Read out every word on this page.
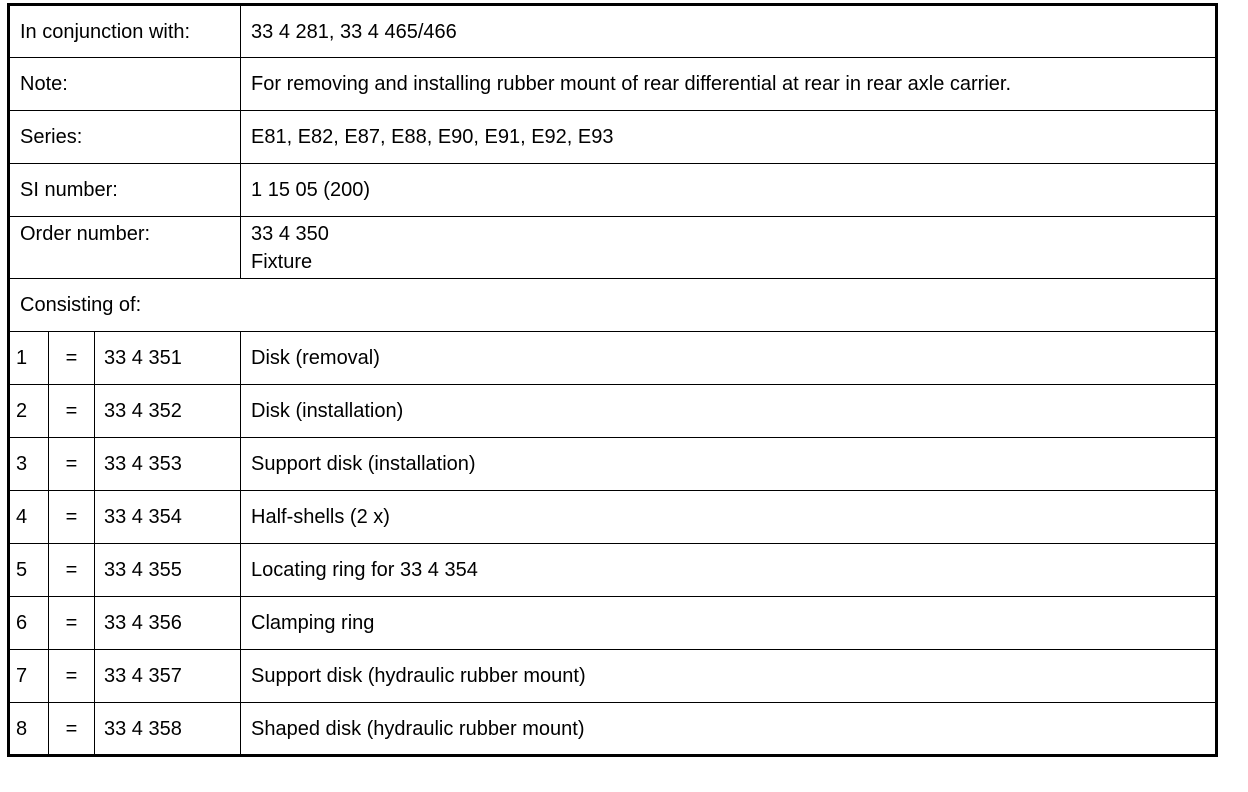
In conjunction with:			33 4 281, 33 4 465/466
Note:			For removing and installing rubber mount of rear differential at rear in rear axle carrier.
Series:			E81, E82, E87, E88, E90, E91, E92, E93
SI number:			1 15 05 (200)
Order number:			33 4 350
Fixture

Consisting of:			
1	=	33 4 351	Disk (removal)
2	=	33 4 352	Disk (installation)
3	=	33 4 353	Support disk (installation)
4	=	33 4 354	Half-shells (2 x)
5	=	33 4 355	Locating ring for 33 4 354
6	=	33 4 356	Clamping ring
7	=	33 4 357	Support disk (hydraulic rubber mount)
8	=	33 4 358	Shaped disk (hydraulic rubber mount)
